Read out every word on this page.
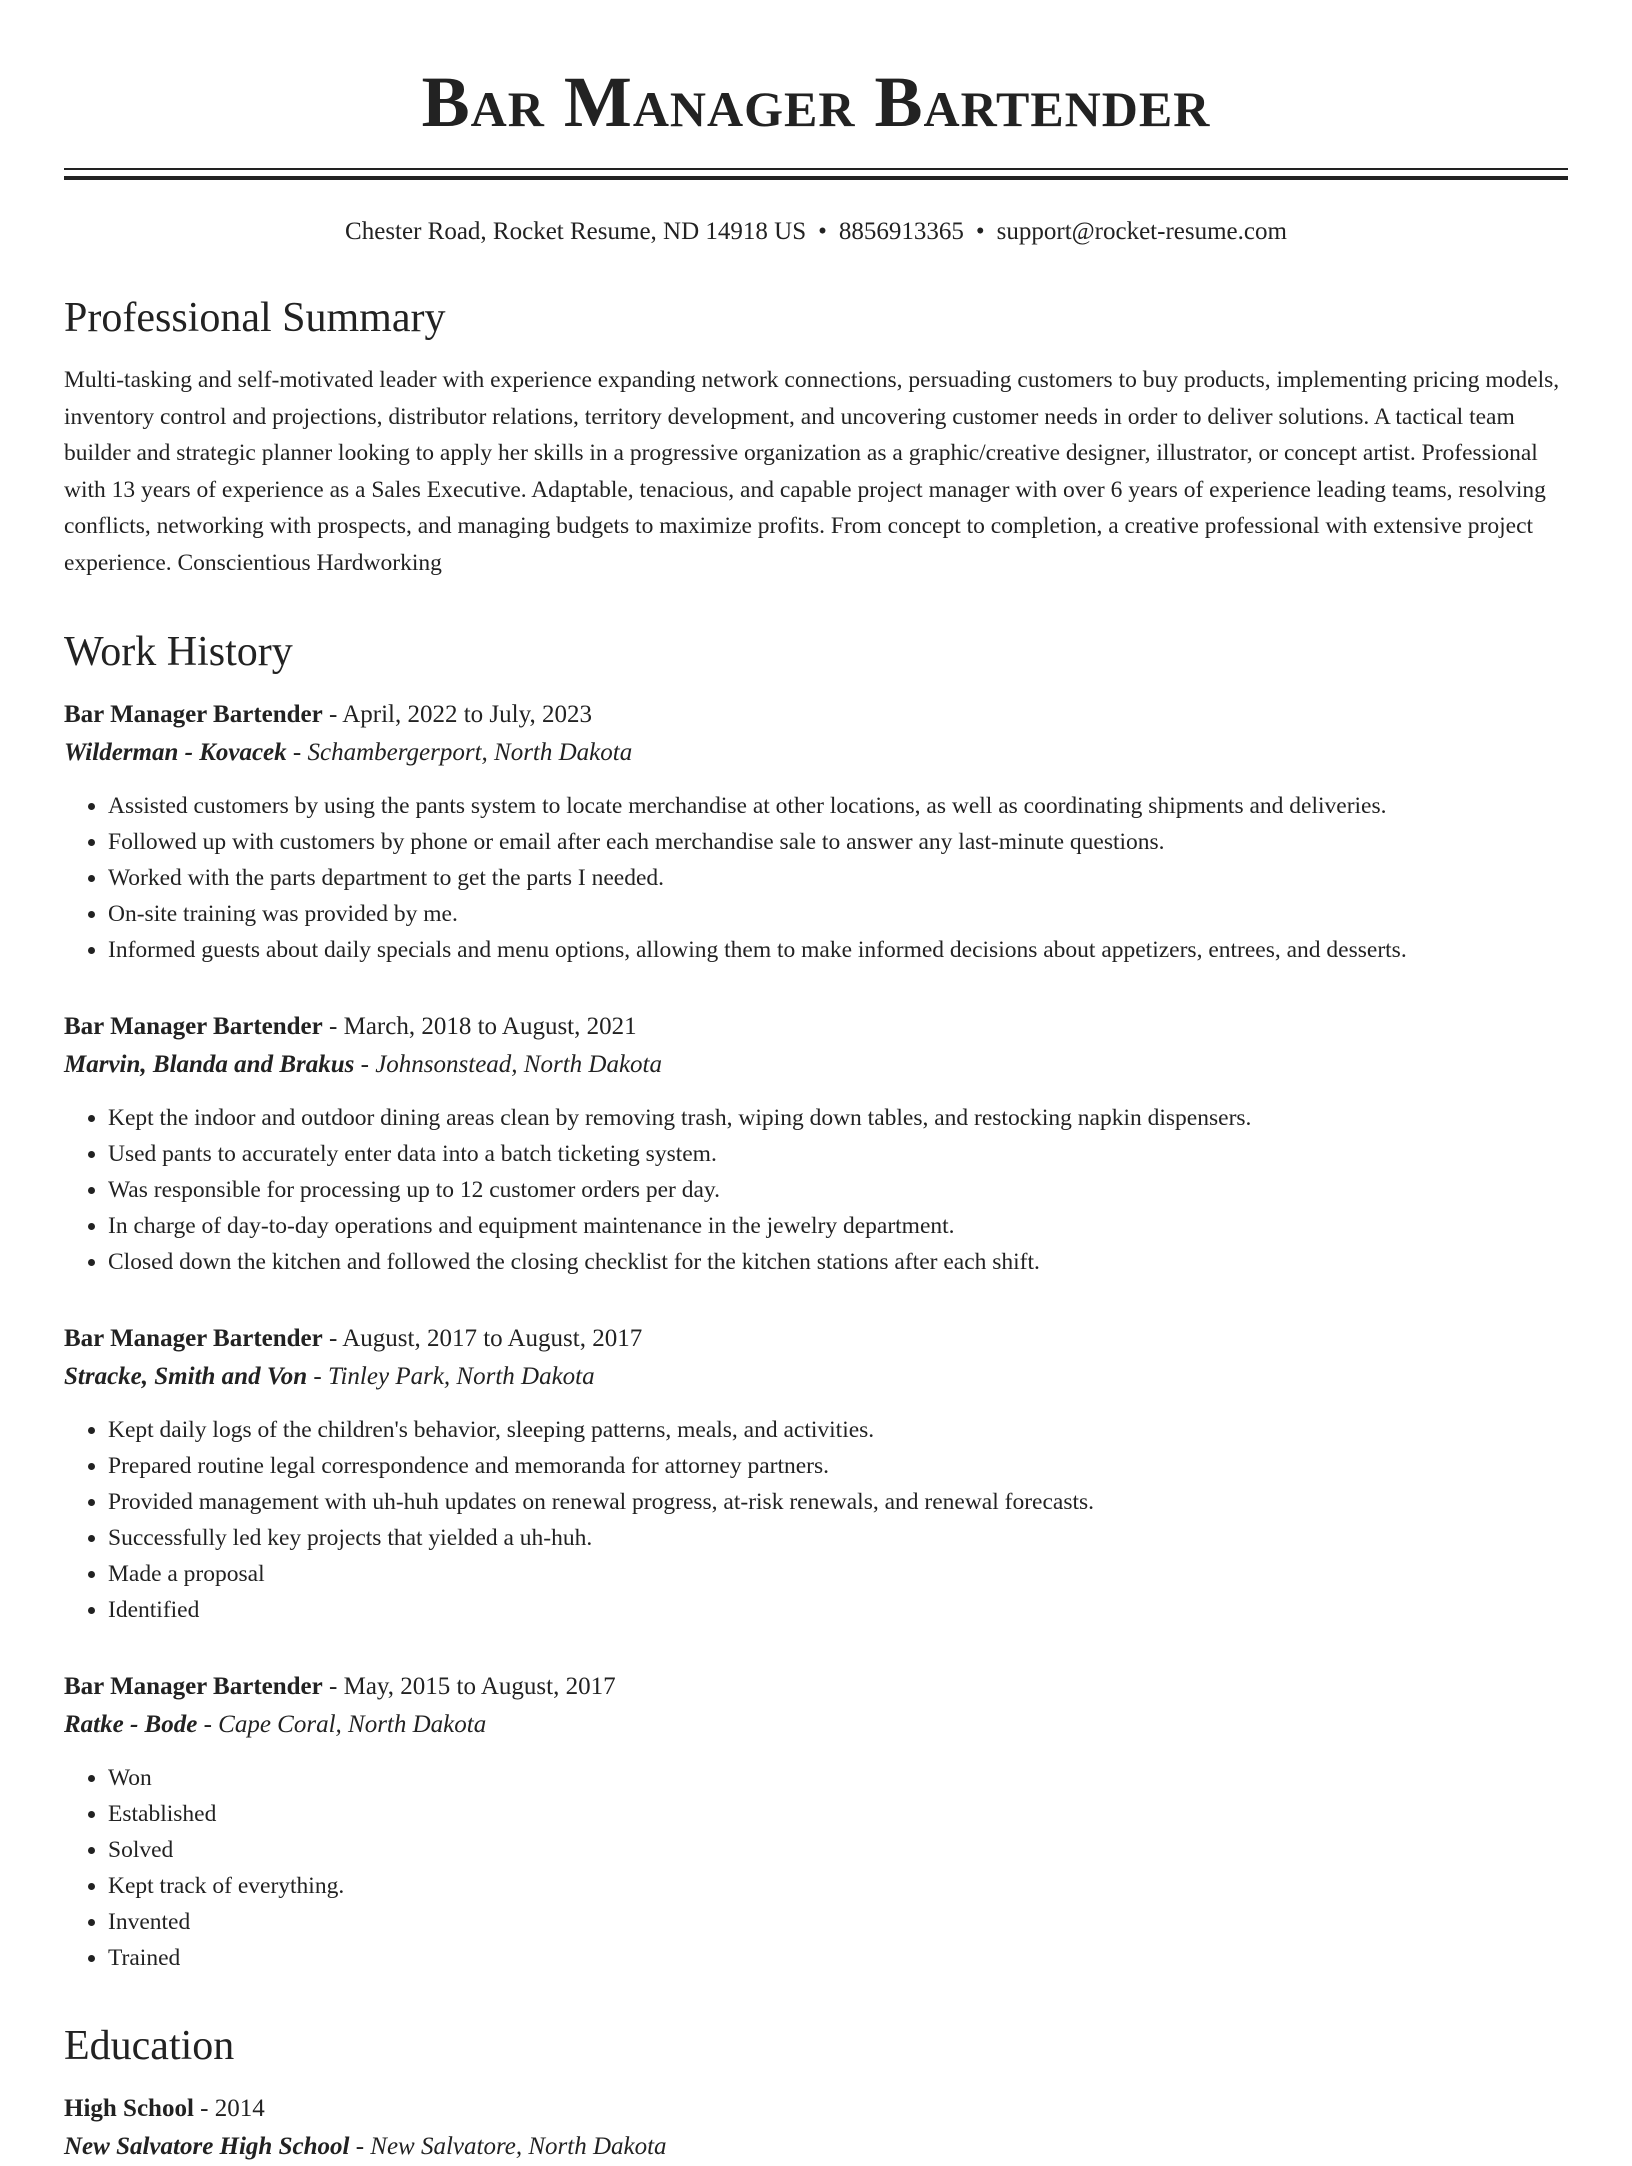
Bar Manager Bartender
Chester Road, Rocket Resume, ND 14918 US • 8856913365 • support@rocket-resume.com
Professional Summary

Multi-tasking and self-motivated leader with experience expanding network connections, persuading customers to buy products, implementing pricing models, inventory control and projections, distributor relations, territory development, and uncovering customer needs in order to deliver solutions. A tactical team builder and strategic planner looking to apply her skills in a progressive organization as a graphic/creative designer, illustrator, or concept artist. Professional with 13 years of experience as a Sales Executive. Adaptable, tenacious, and capable project manager with over 6 years of experience leading teams, resolving conflicts, networking with prospects, and managing budgets to maximize profits. From concept to completion, a creative professional with extensive project experience. Conscientious Hardworking

Work History
Bar Manager Bartender - April, 2022 to July, 2023
Wilderman - Kovacek - Schambergerport, North Dakota
• Assisted customers by using the pants system to locate merchandise at other locations, as well as coordinating shipments and deliveries.
• Followed up with customers by phone or email after each merchandise sale to answer any last-minute questions.
• Worked with the parts department to get the parts I needed.
• On-site training was provided by me.
• Informed guests about daily specials and menu options, allowing them to make informed decisions about appetizers, entrees, and desserts.
Bar Manager Bartender - March, 2018 to August, 2021
Marvin, Blanda and Brakus - Johnsonstead, North Dakota
• Kept the indoor and outdoor dining areas clean by removing trash, wiping down tables, and restocking napkin dispensers.
• Used pants to accurately enter data into a batch ticketing system.
• Was responsible for processing up to 12 customer orders per day.
• In charge of day-to-day operations and equipment maintenance in the jewelry department.
• Closed down the kitchen and followed the closing checklist for the kitchen stations after each shift.
Bar Manager Bartender - August, 2017 to August, 2017
Stracke, Smith and Von - Tinley Park, North Dakota
• Kept daily logs of the children's behavior, sleeping patterns, meals, and activities.
• Prepared routine legal correspondence and memoranda for attorney partners.
• Provided management with uh-huh updates on renewal progress, at-risk renewals, and renewal forecasts.
• Successfully led key projects that yielded a uh-huh.
• Made a proposal
• Identified
Bar Manager Bartender - May, 2015 to August, 2017
Ratke - Bode - Cape Coral, North Dakota
• Won
• Established
• Solved
• Kept track of everything.
• Invented
• Trained
Education
High School - 2014
New Salvatore High School - New Salvatore, North Dakota
